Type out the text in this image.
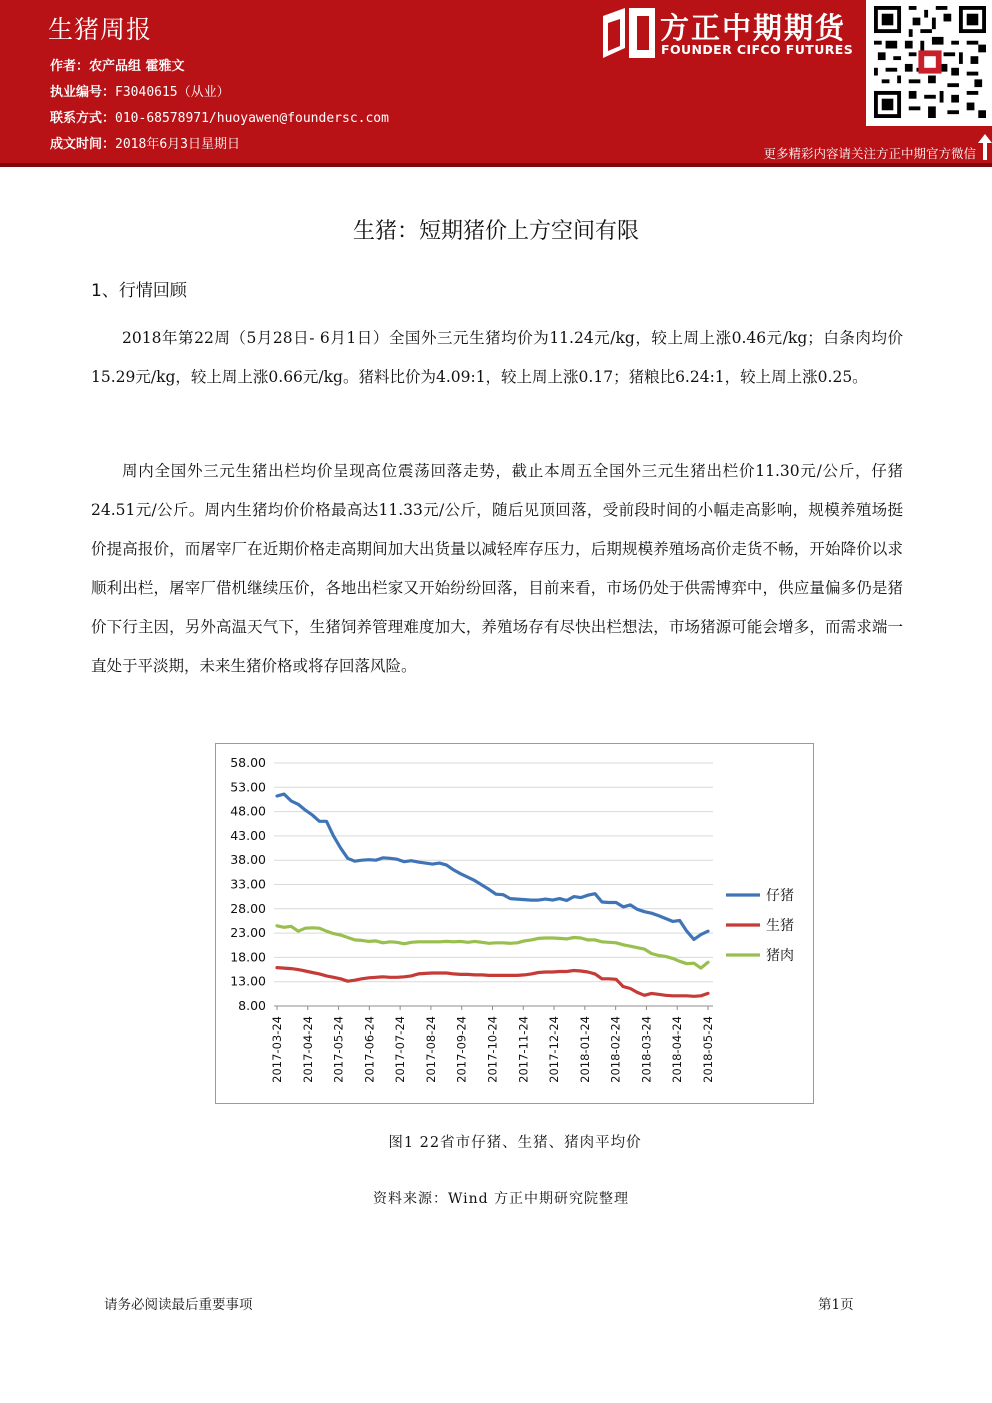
生猪周报
作者：农产品组 霍雅文
执业编号：F3040615（从业）
联系方式：010-68578971/huoyawen@foundersc.com
成文时间：2018年6月3日星期日
方正中期期货
FOUNDER CIFCO FUTURES
更多精彩内容请关注方正中期官方微信
生猪：短期猪价上方空间有限
1、行情回顾

2018年第22周（5月28日- 6月1日）全国外三元生猪均价为11.24元/kg，较上周上涨0.46元/kg；白条肉均价15.29元/kg，较上周上涨0.66元/kg。猪料比价为4.09:1，较上周上涨0.17；猪粮比6.24:1，较上周上涨0.25。

周内全国外三元生猪出栏均价呈现高位震荡回落走势，截止本周五全国外三元生猪出栏价11.30元/公斤，仔猪24.51元/公斤。周内生猪均价价格最高达11.33元/公斤，随后见顶回落，受前段时间的小幅走高影响，规模养殖场挺价提高报价，而屠宰厂在近期价格走高期间加大出货量以减轻库存压力，后期规模养殖场高价走货不畅，开始降价以求顺利出栏，屠宰厂借机继续压价，各地出栏家又开始纷纷回落，目前来看，市场仍处于供需博弈中，供应量偏多仍是猪价下行主因，另外高温天气下，生猪饲养管理难度加大，养殖场存有尽快出栏想法，市场猪源可能会增多，而需求端一直处于平淡期，未来生猪价格或将存回落风险。

58.00
53.00
48.00
43.00
38.00
33.00
28.00
23.00
18.00
13.00
8.00
2017-03-24 2017-04-24 2017-05-24 2017-06-24 2017-07-24 2017-08-24 2017-09-24 2017-10-24 2017-11-24 2017-12-24 2018-01-24 2018-02-24 2018-03-24 2018-04-24 2018-05-24
仔猪
生猪
猪肉
图1 22省市仔猪、生猪、猪肉平均价
资料来源：Wind 方正中期研究院整理
请务必阅读最后重要事项	第1页
